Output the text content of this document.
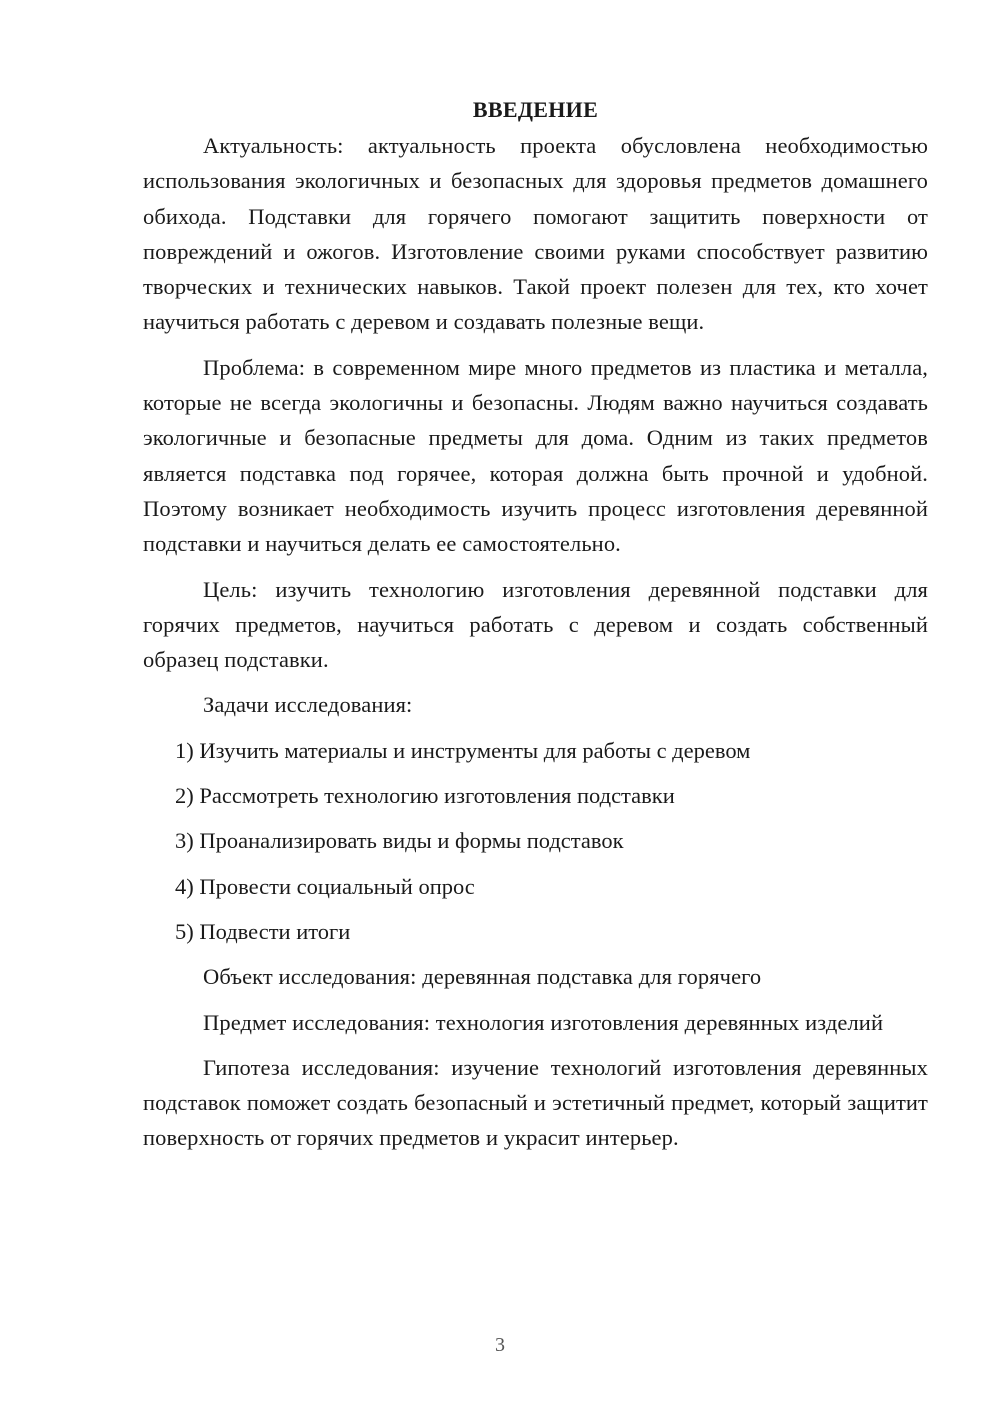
ВВЕДЕНИЕ

Актуальность: актуальность проекта обусловлена необходимостью использования экологичных и безопасных для здоровья предметов домашнего обихода. Подставки для горячего помогают защитить поверхности от повреждений и ожогов. Изготовление своими руками способствует развитию творческих и технических навыков. Такой проект полезен для тех, кто хочет научиться работать с деревом и создавать полезные вещи.

Проблема: в современном мире много предметов из пластика и металла, которые не всегда экологичны и безопасны. Людям важно научиться создавать экологичные и безопасные предметы для дома. Одним из таких предметов является подставка под горячее, которая должна быть прочной и удобной. Поэтому возникает необходимость изучить процесс изготовления деревянной подставки и научиться делать ее самостоятельно.

Цель: изучить технологию изготовления деревянной подставки для горячих предметов, научиться работать с деревом и создать собственный образец подставки.

Задачи исследования:

1) Изучить материалы и инструменты для работы с деревом
2) Рассмотреть технологию изготовления подставки
3) Проанализировать виды и формы подставок
4) Провести социальный опрос
5) Подвести итоги

Объект исследования: деревянная подставка для горячего

Предмет исследования: технология изготовления деревянных изделий

Гипотеза исследования: изучение технологий изготовления деревянных подставок поможет создать безопасный и эстетичный предмет, который защитит поверхность от горячих предметов и украсит интерьер.

3
